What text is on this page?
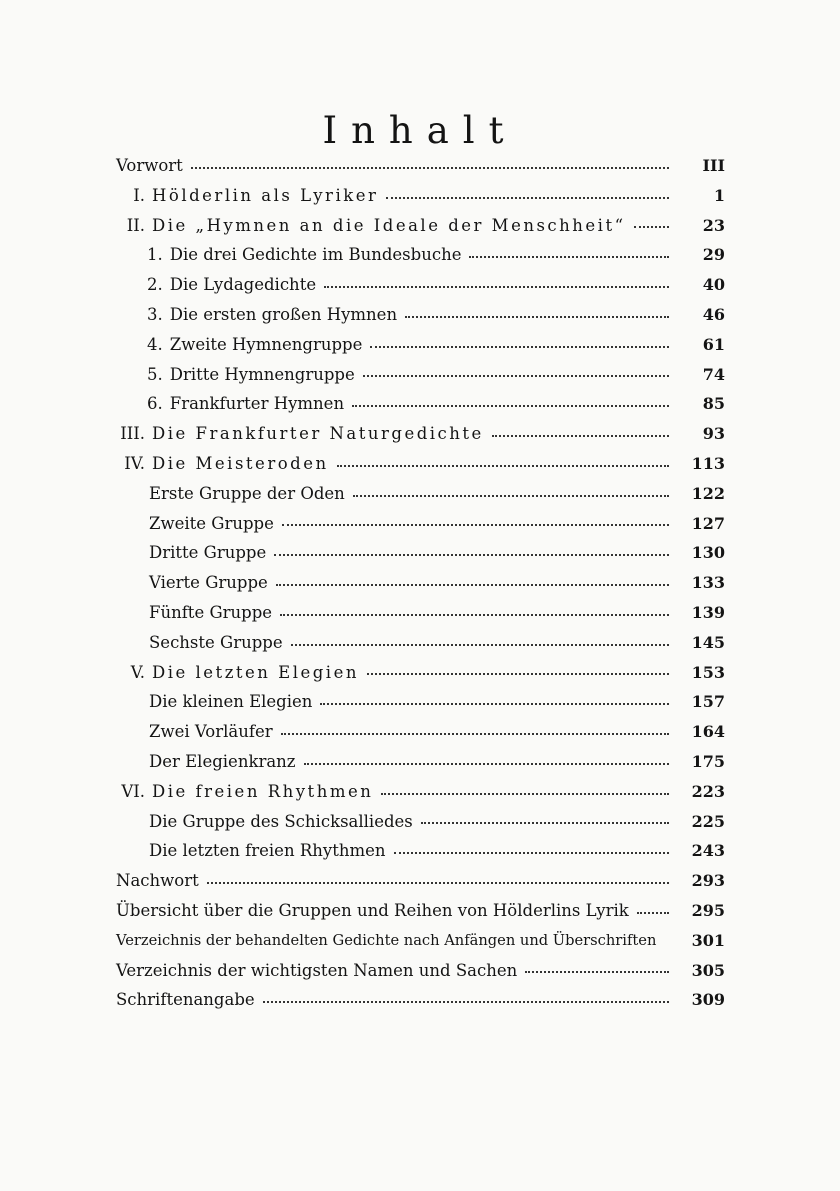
Inhalt
Vorwort	III
I. Hölderlin als Lyriker	1
II. Die „Hymnen an die Ideale der Menschheit“	23
1. Die drei Gedichte im Bundesbuche	29
2. Die Lydagedichte	40
3. Die ersten großen Hymnen	46
4. Zweite Hymnengruppe	61
5. Dritte Hymnengruppe	74
6. Frankfurter Hymnen	85
III. Die Frankfurter Naturgedichte	93
IV. Die Meisteroden	113
Erste Gruppe der Oden	122
Zweite Gruppe	127
Dritte Gruppe	130
Vierte Gruppe	133
Fünfte Gruppe	139
Sechste Gruppe	145
V. Die letzten Elegien	153
Die kleinen Elegien	157
Zwei Vorläufer	164
Der Elegienkranz	175
VI. Die freien Rhythmen	223
Die Gruppe des Schicksalliedes	225
Die letzten freien Rhythmen	243
Nachwort	293
Übersicht über die Gruppen und Reihen von Hölderlins Lyrik	295
Verzeichnis der behandelten Gedichte nach Anfängen und Überschriften	301
Verzeichnis der wichtigsten Namen und Sachen	305
Schriftenangabe	309
